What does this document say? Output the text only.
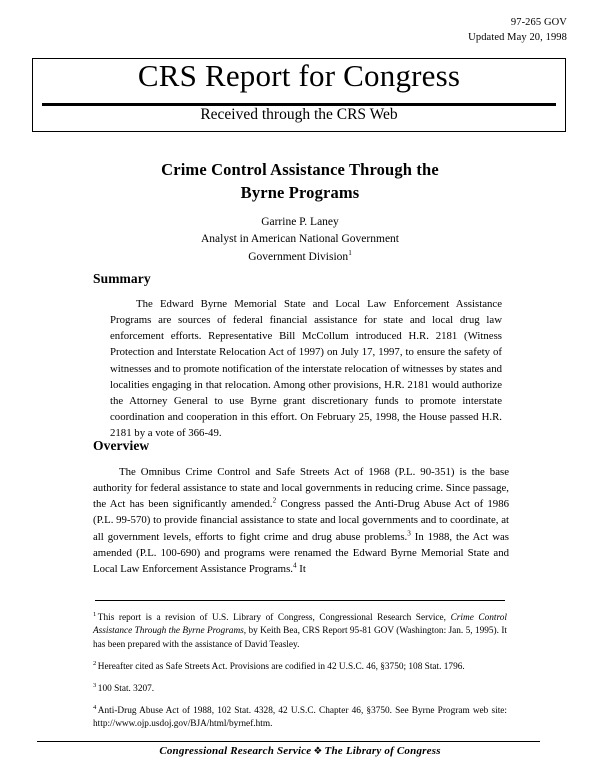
97-265 GOV
Updated May 20, 1998
CRS Report for Congress
Received through the CRS Web
Crime Control Assistance Through the
Byrne Programs
Garrine P. Laney
Analyst in American National Government
Government Division$^1$
Summary
The Edward Byrne Memorial State and Local Law Enforcement Assistance Programs are sources of federal financial assistance for state and local drug law enforcement efforts. Representative Bill McCollum introduced H.R. 2181 (Witness Protection and Interstate Relocation Act of 1997) on July 17, 1997, to ensure the safety of witnesses and to promote notification of the interstate relocation of witnesses by states and localities engaging in that relocation. Among other provisions, H.R. 2181 would authorize the Attorney General to use Byrne grant discretionary funds to promote interstate coordination and cooperation in this effort. On February 25, 1998, the House passed H.R. 2181 by a vote of 366-49.
Overview
The Omnibus Crime Control and Safe Streets Act of 1968 (P.L. 90-351) is the base authority for federal assistance to state and local governments in reducing crime. Since passage, the Act has been significantly amended.$^2$ Congress passed the Anti-Drug Abuse Act of 1986 (P.L. 99-570) to provide financial assistance to state and local governments and to coordinate, at all government levels, efforts to fight crime and drug abuse problems.$^3$ In 1988, the Act was amended (P.L. 100-690) and programs were renamed the Edward Byrne Memorial State and Local Law Enforcement Assistance Programs.$^4$ It
$^1$ This report is a revision of U.S. Library of Congress, Congressional Research Service, Crime Control Assistance Through the Byrne Programs, by Keith Bea, CRS Report 95-81 GOV (Washington: Jan. 5, 1995). It has been prepared with the assistance of David Teasley.
$^2$ Hereafter cited as Safe Streets Act. Provisions are codified in 42 U.S.C. 46, §3750; 108 Stat. 1796.
$^3$ 100 Stat. 3207.
$^4$ Anti-Drug Abuse Act of 1988, 102 Stat. 4328, 42 U.S.C. Chapter 46, §3750. See Byrne Program web site: http://www.ojp.usdoj.gov/BJA/html/byrnef.htm.
Congressional Research Service ❖ The Library of Congress
